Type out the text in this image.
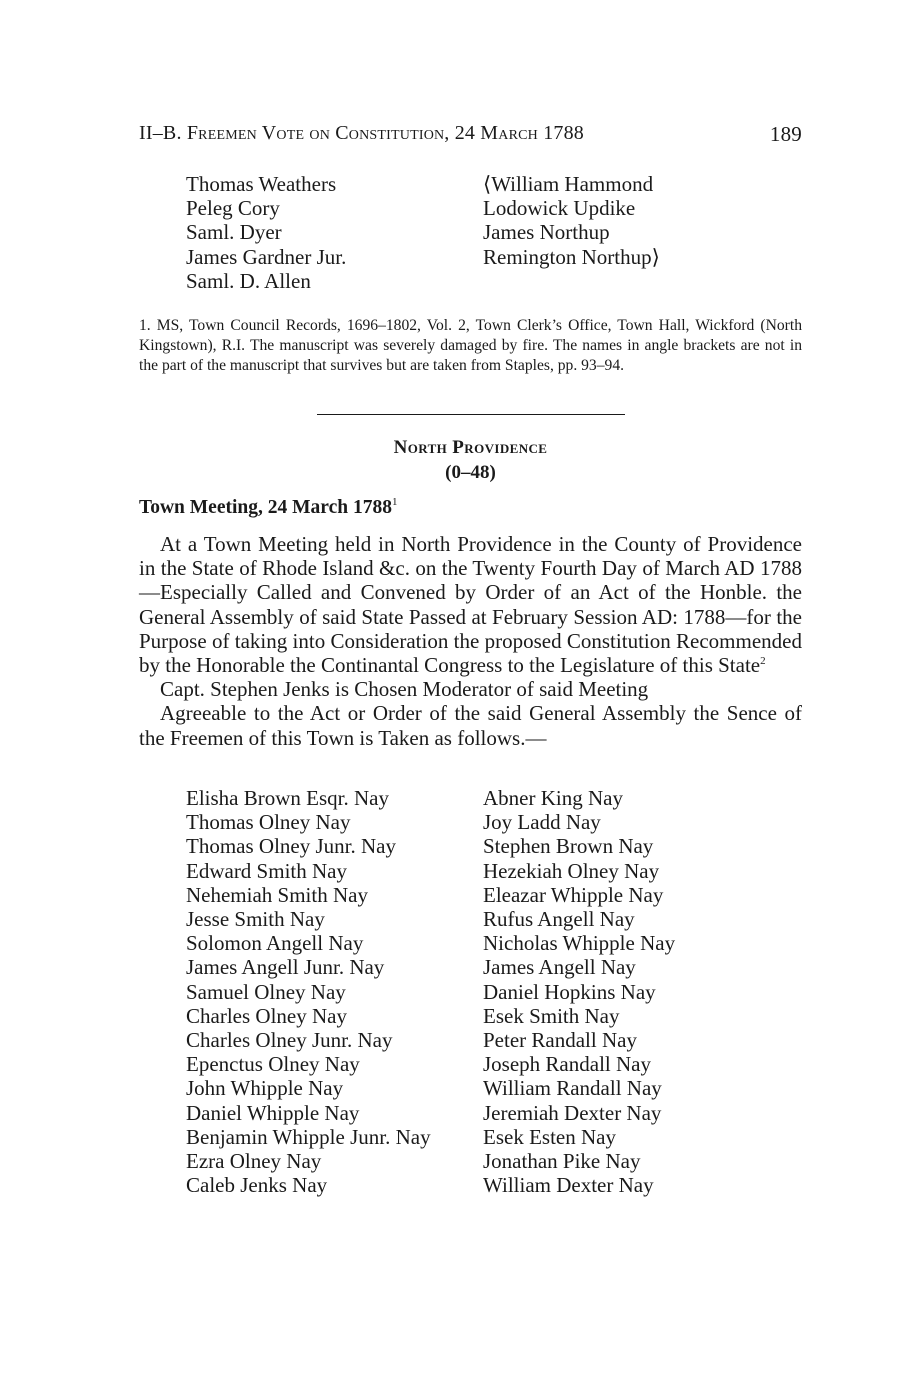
II–B. Freemen Vote on Constitution, 24 March 1788	189
Thomas Weathers	⟨William Hammond
Peleg Cory	Lodowick Updike
Saml. Dyer	James Northup
James Gardner Jur.	Remington Northup⟩
Saml. D. Allen
1. MS, Town Council Records, 1696–1802, Vol. 2, Town Clerk’s Office, Town Hall, Wickford (North Kingstown), R.I. The manuscript was severely damaged by fire. The names in angle brackets are not in the part of the manuscript that survives but are taken from Staples, pp. 93–94.
North Providence
(0–48)
Town Meeting, 24 March 1788$^1$

At a Town Meeting held in North Providence in the County of Providence in the State of Rhode Island &c. on the Twenty Fourth Day of March AD 1788—Especially Called and Convened by Order of an Act of the Honble. the General Assembly of said State Passed at February Session AD: 1788—for the Purpose of taking into Consideration the proposed Constitution Recommended by the Honorable the Continantal Congress to the Legislature of this State$^2$

Capt. Stephen Jenks is Chosen Moderator of said Meeting

Agreeable to the Act or Order of the said General Assembly the Sence of the Freemen of this Town is Taken as follows.—

Elisha Brown Esqr. Nay	Abner King Nay
Thomas Olney Nay	Joy Ladd Nay
Thomas Olney Junr. Nay	Stephen Brown Nay
Edward Smith Nay	Hezekiah Olney Nay
Nehemiah Smith Nay	Eleazar Whipple Nay
Jesse Smith Nay	Rufus Angell Nay
Solomon Angell Nay	Nicholas Whipple Nay
James Angell Junr. Nay	James Angell Nay
Samuel Olney Nay	Daniel Hopkins Nay
Charles Olney Nay	Esek Smith Nay
Charles Olney Junr. Nay	Peter Randall Nay
Epenctus Olney Nay	Joseph Randall Nay
John Whipple Nay	William Randall Nay
Daniel Whipple Nay	Jeremiah Dexter Nay
Benjamin Whipple Junr. Nay	Esek Esten Nay
Ezra Olney Nay	Jonathan Pike Nay
Caleb Jenks Nay	William Dexter Nay
